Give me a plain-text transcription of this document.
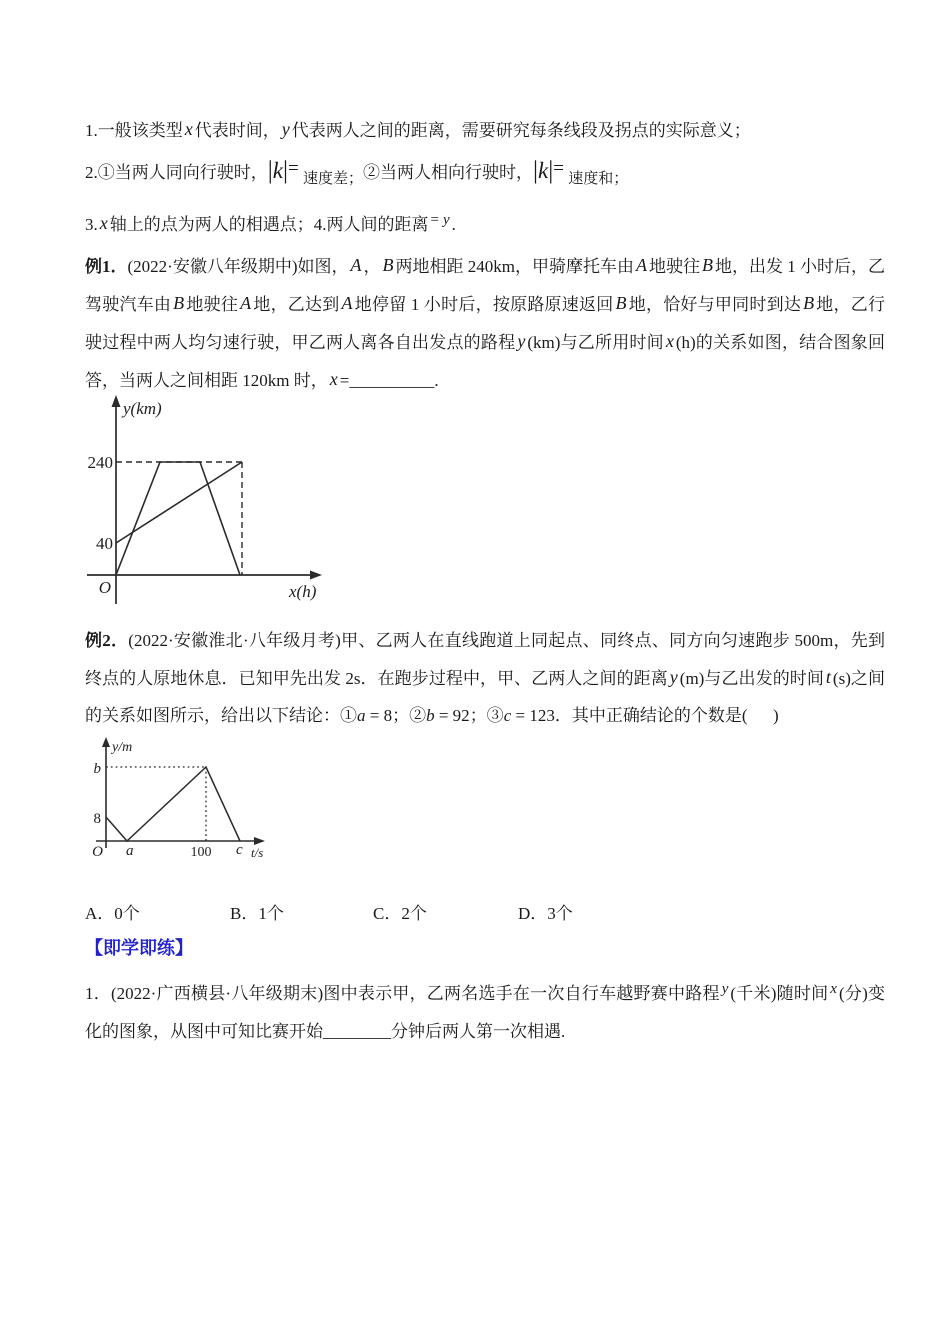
1.一般该类型 x 代表时间， y 代表两人之间的距离，需要研究每条线段及拐点的实际意义；
2.①当两人同向行驶时，|k|= 速度差；②当两人相向行驶时，|k|= 速度和；
3. x 轴上的点为两人的相遇点；4.两人间的距离 = y .
例1．(2022·安徽八年级期中)如图， A ， B 两地相距 240km，甲骑摩托车由 A 地驶往 B 地，出发 1 小时后，乙驾驶汽车由 B 地驶往 A 地，乙达到 A 地停留 1 小时后，按原路原速返回 B 地，恰好与甲同时到达 B 地，乙行驶过程中两人均匀速行驶，甲乙两人离各自出发点的路程 y (km)与乙所用时间 x (h)的关系如图，结合图象回答，当两人之间相距 120km 时， x =__________.
y(km)
240
40
O	x(h)
例2．(2022·安徽淮北·八年级月考)甲、乙两人在直线跑道上同起点、同终点、同方向匀速跑步 500m，先到终点的人原地休息．已知甲先出发 2s．在跑步过程中，甲、乙两人之间的距离 y (m)与乙出发的时间 t (s)之间的关系如图所示，给出以下结论：①a = 8；②b = 92；③c = 123．其中正确结论的个数是(      )
y/m
b
8
O a	100 c t/s
A．0个	B．1个	C．2个	D．3个
【即学即练】
1．(2022·广西横县·八年级期末)图中表示甲，乙两名选手在一次自行车越野赛中路程 y (千米)随时间 x (分)变化的图象，从图中可知比赛开始________分钟后两人第一次相遇.
